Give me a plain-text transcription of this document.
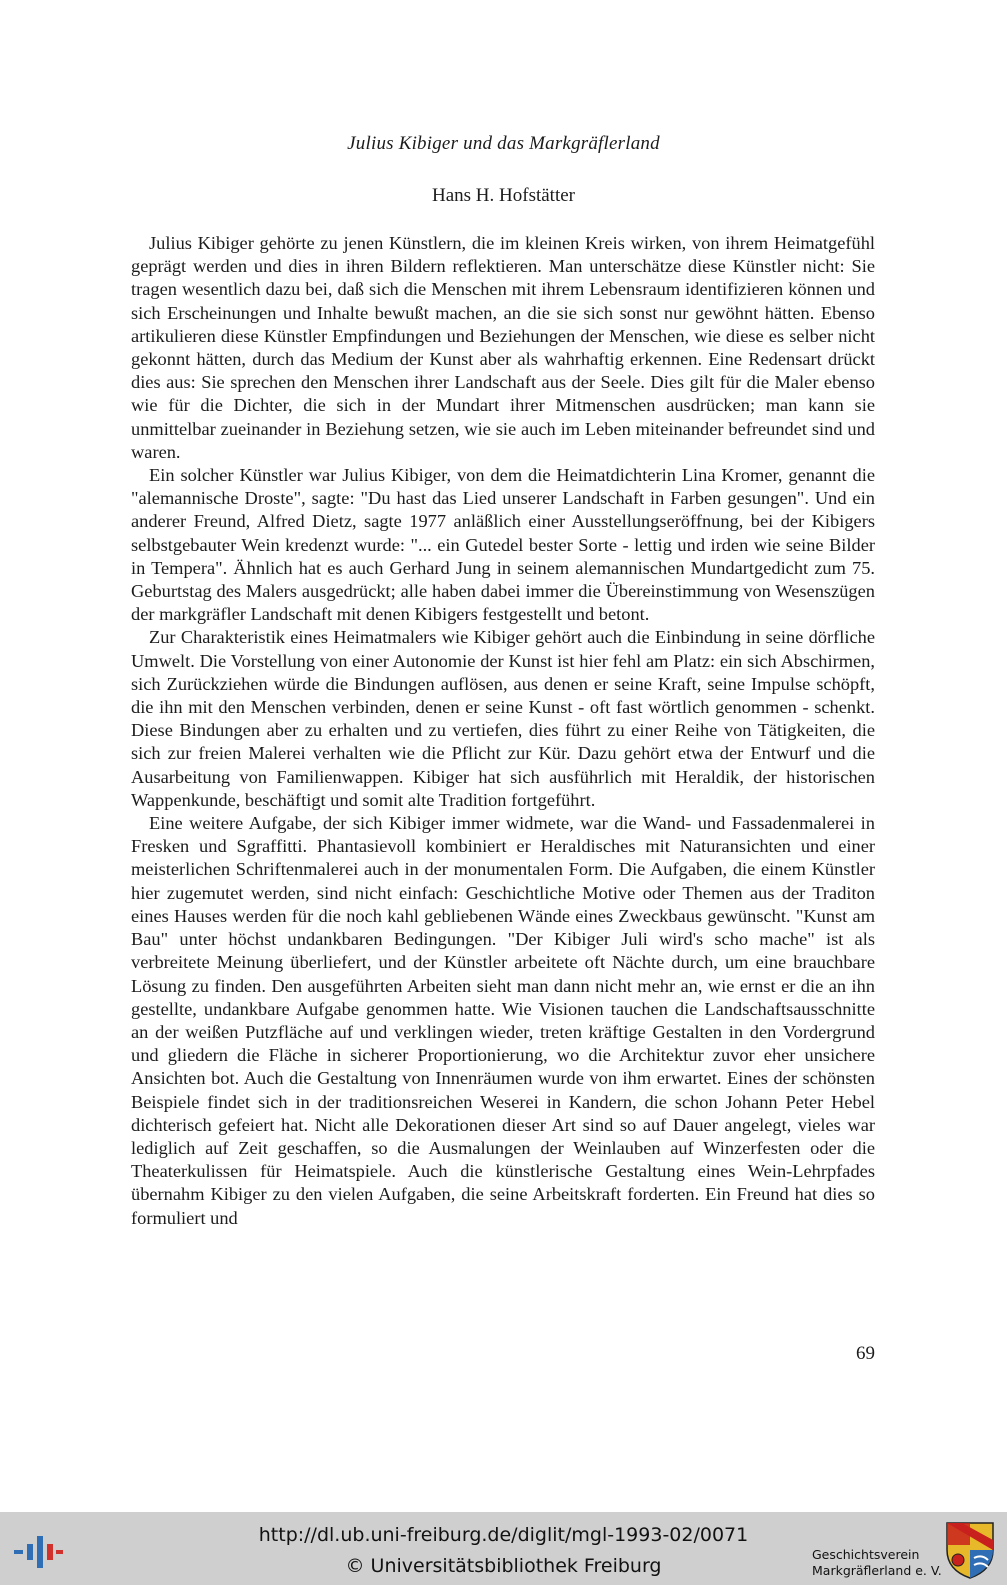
Julius Kibiger und das Markgräflerland
Hans H. Hofstätter

Julius Kibiger gehörte zu jenen Künstlern, die im kleinen Kreis wirken, von ihrem Heimatgefühl geprägt werden und dies in ihren Bildern reflektieren. Man unterschätze diese Künstler nicht: Sie tragen wesentlich dazu bei, daß sich die Menschen mit ihrem Lebensraum identifizieren können und sich Erscheinungen und Inhalte bewußt machen, an die sie sich sonst nur gewöhnt hätten. Ebenso artikulieren diese Künstler Empfindungen und Beziehungen der Menschen, wie diese es selber nicht gekonnt hätten, durch das Medium der Kunst aber als wahrhaftig erkennen. Eine Redensart drückt dies aus: Sie sprechen den Menschen ihrer Landschaft aus der Seele. Dies gilt für die Maler ebenso wie für die Dichter, die sich in der Mundart ihrer Mitmenschen ausdrücken; man kann sie unmittelbar zueinander in Beziehung setzen, wie sie auch im Leben miteinander befreundet sind und waren.

Ein solcher Künstler war Julius Kibiger, von dem die Heimatdichterin Lina Kromer, genannt die "alemannische Droste", sagte: "Du hast das Lied unserer Landschaft in Farben gesungen". Und ein anderer Freund, Alfred Dietz, sagte 1977 anläßlich einer Ausstellungseröffnung, bei der Kibigers selbstgebauter Wein kredenzt wurde: "... ein Gutedel bester Sorte - lettig und irden wie seine Bilder in Tempera". Ähnlich hat es auch Gerhard Jung in seinem alemannischen Mundartgedicht zum 75. Geburtstag des Malers ausgedrückt; alle haben dabei immer die Übereinstimmung von Wesenszügen der markgräfler Landschaft mit denen Kibigers festgestellt und betont.

Zur Charakteristik eines Heimatmalers wie Kibiger gehört auch die Einbindung in seine dörfliche Umwelt. Die Vorstellung von einer Autonomie der Kunst ist hier fehl am Platz: ein sich Abschirmen, sich Zurückziehen würde die Bindungen auflösen, aus denen er seine Kraft, seine Impulse schöpft, die ihn mit den Menschen verbinden, denen er seine Kunst - oft fast wörtlich genommen - schenkt. Diese Bindungen aber zu erhalten und zu vertiefen, dies führt zu einer Reihe von Tätigkeiten, die sich zur freien Malerei verhalten wie die Pflicht zur Kür. Dazu gehört etwa der Entwurf und die Ausarbeitung von Familienwappen. Kibiger hat sich ausführlich mit Heraldik, der historischen Wappenkunde, beschäftigt und somit alte Tradition fortgeführt.

Eine weitere Aufgabe, der sich Kibiger immer widmete, war die Wand- und Fassadenmalerei in Fresken und Sgraffitti. Phantasievoll kombiniert er Heraldisches mit Naturansichten und einer meisterlichen Schriftenmalerei auch in der monumentalen Form. Die Aufgaben, die einem Künstler hier zugemutet werden, sind nicht einfach: Geschichtliche Motive oder Themen aus der Traditon eines Hauses werden für die noch kahl gebliebenen Wände eines Zweckbaus gewünscht. "Kunst am Bau" unter höchst undankbaren Bedingungen. "Der Kibiger Juli wird's scho mache" ist als verbreitete Meinung überliefert, und der Künstler arbeitete oft Nächte durch, um eine brauchbare Lösung zu finden. Den ausgeführten Arbeiten sieht man dann nicht mehr an, wie ernst er die an ihn gestellte, undankbare Aufgabe genommen hatte. Wie Visionen tauchen die Landschaftsausschnitte an der weißen Putzfläche auf und verklingen wieder, treten kräftige Gestalten in den Vordergrund und gliedern die Fläche in sicherer Proportionierung, wo die Architektur zuvor eher unsichere Ansichten bot. Auch die Gestaltung von Innenräumen wurde von ihm erwartet. Eines der schönsten Beispiele findet sich in der traditionsreichen Weserei in Kandern, die schon Johann Peter Hebel dichterisch gefeiert hat. Nicht alle Dekorationen dieser Art sind so auf Dauer angelegt, vieles war lediglich auf Zeit geschaffen, so die Ausmalungen der Weinlauben auf Winzerfesten oder die Theaterkulissen für Heimatspiele. Auch die künstlerische Gestaltung eines Wein-Lehrpfades übernahm Kibiger zu den vielen Aufgaben, die seine Arbeitskraft forderten. Ein Freund hat dies so formuliert und

69
http://dl.ub.uni-freiburg.de/diglit/mgl-1993-02/0071
© Universitätsbibliothek Freiburg
Geschichtsverein
Markgräflerland e. V.
